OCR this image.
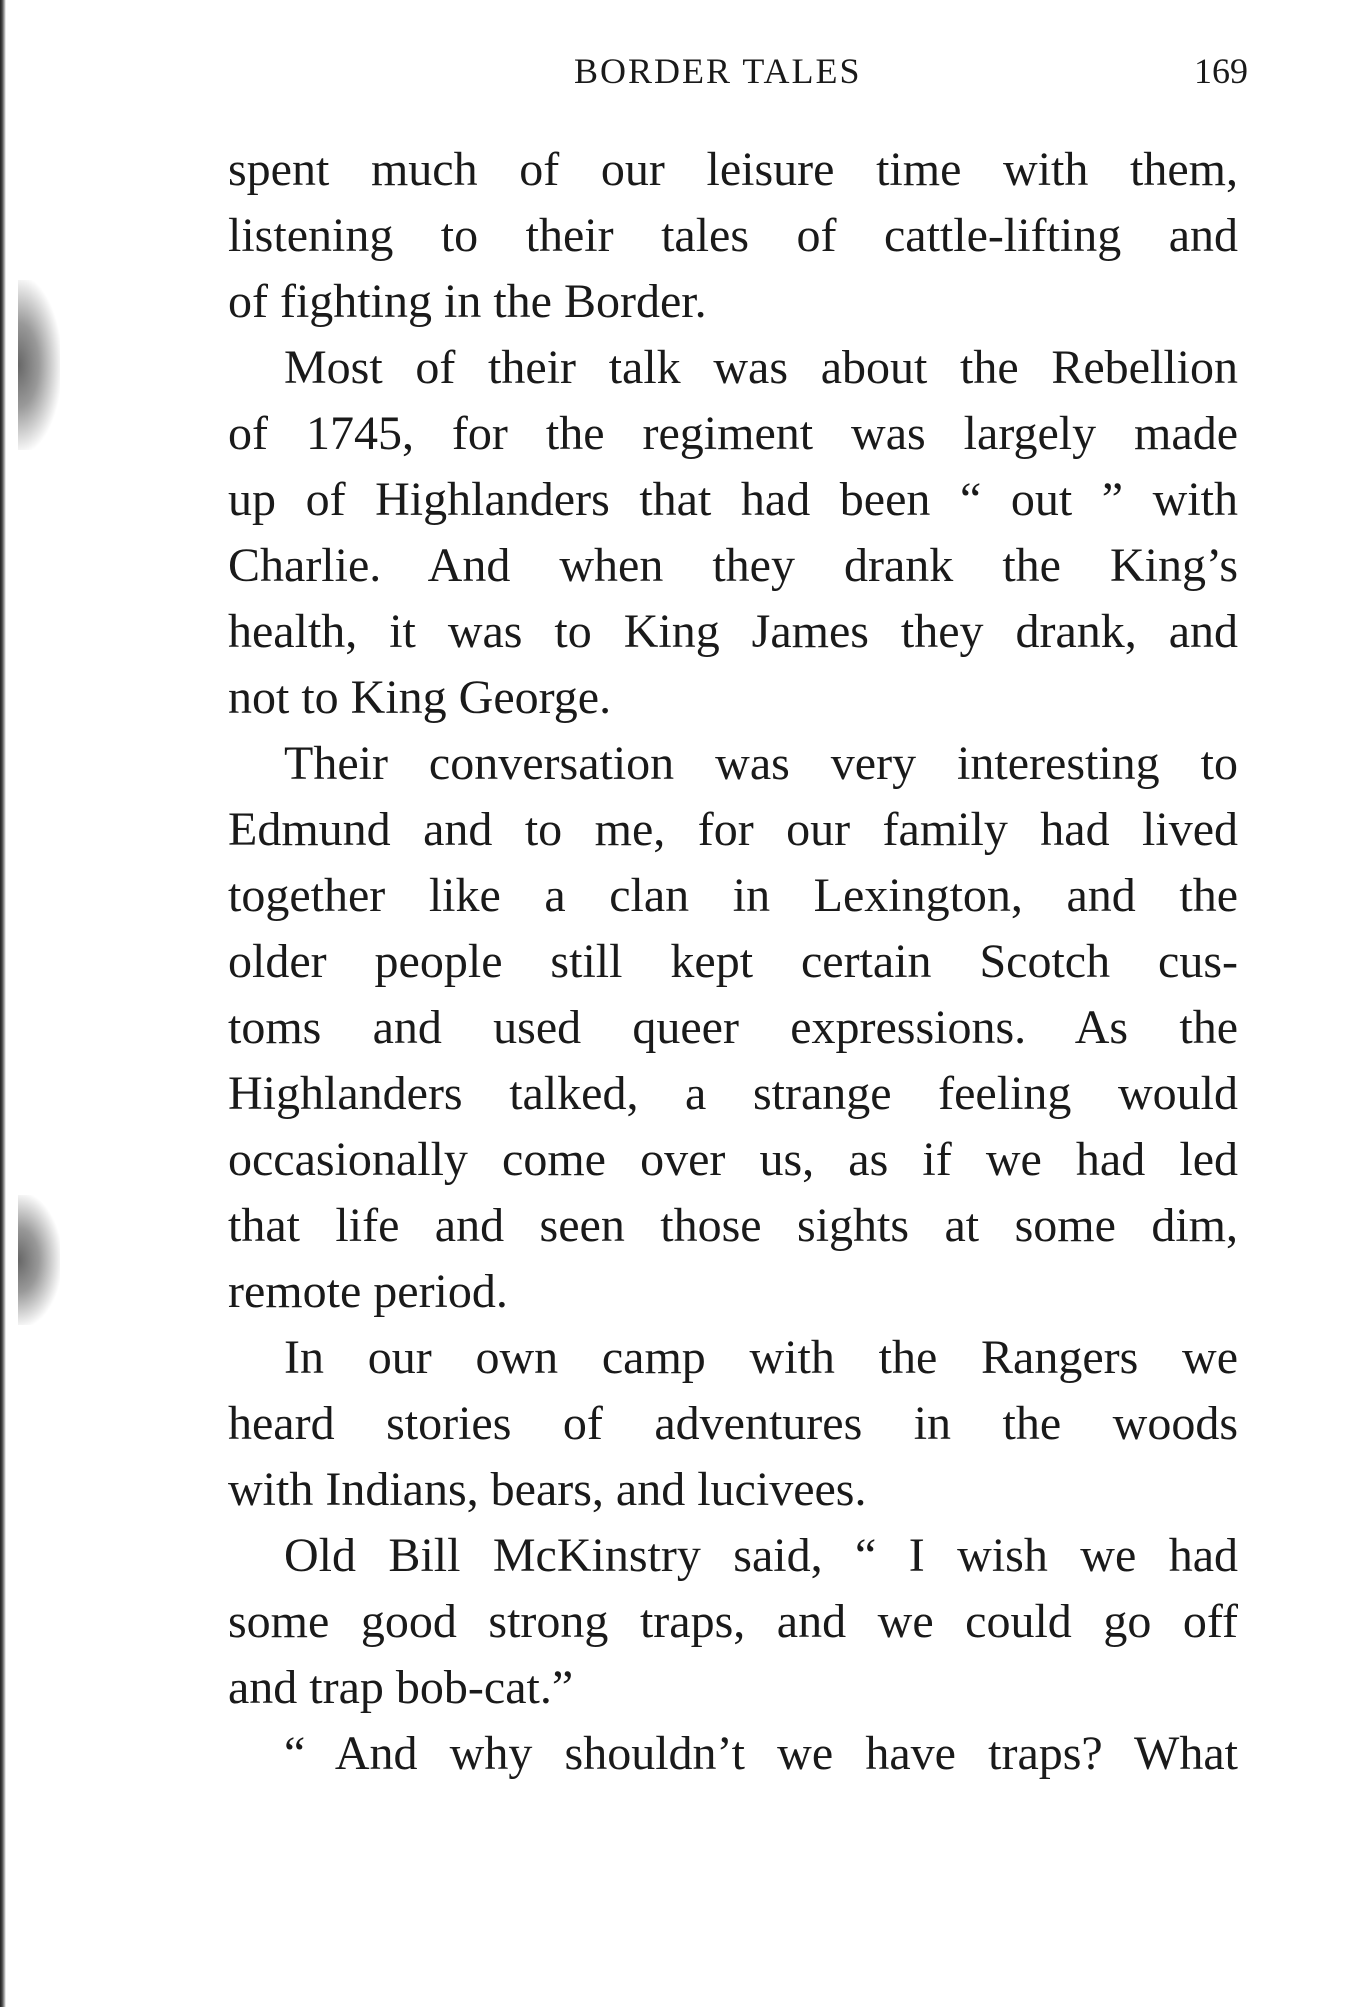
BORDER TALES	169
spent much of our leisure time with them,
listening to their tales of cattle-lifting and
of fighting in the Border.
Most of their talk was about the Rebellion
of 1745, for the regiment was largely made
up of Highlanders that had been “ out ” with
Charlie. And when they drank the King’s
health, it was to King James they drank, and
not to King George.
Their conversation was very interesting to
Edmund and to me, for our family had lived
together like a clan in Lexington, and the
older people still kept certain Scotch cus-
toms and used queer expressions. As the
Highlanders talked, a strange feeling would
occasionally come over us, as if we had led
that life and seen those sights at some dim,
remote period.
In our own camp with the Rangers we
heard stories of adventures in the woods
with Indians, bears, and lucivees.
Old Bill McKinstry said, “ I wish we had
some good strong traps, and we could go off
and trap bob-cat.”
“ And why shouldn’t we have traps? What
